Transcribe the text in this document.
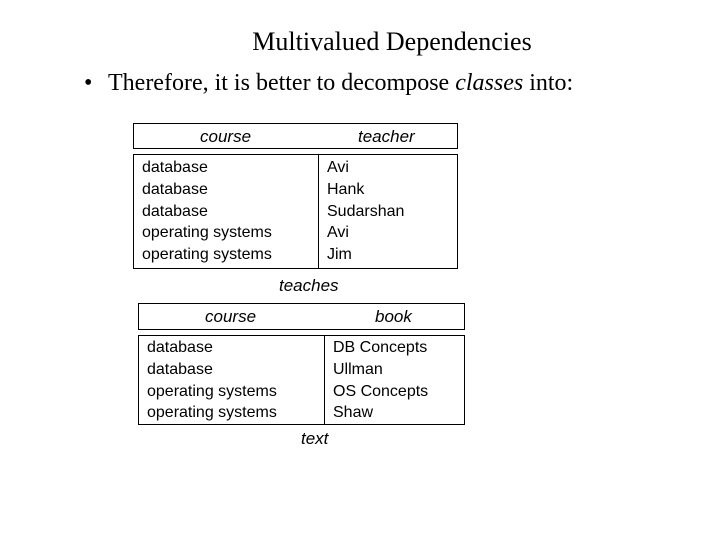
Multivalued Dependencies
• Therefore, it is better to decompose classes into:
course	teacher
database
database
database
operating systems
operating systems
Avi
Hank
Sudarshan
Avi
Jim
teaches
course	book
database
database
operating systems
operating systems
DB Concepts
Ullman
OS Concepts
Shaw
text
